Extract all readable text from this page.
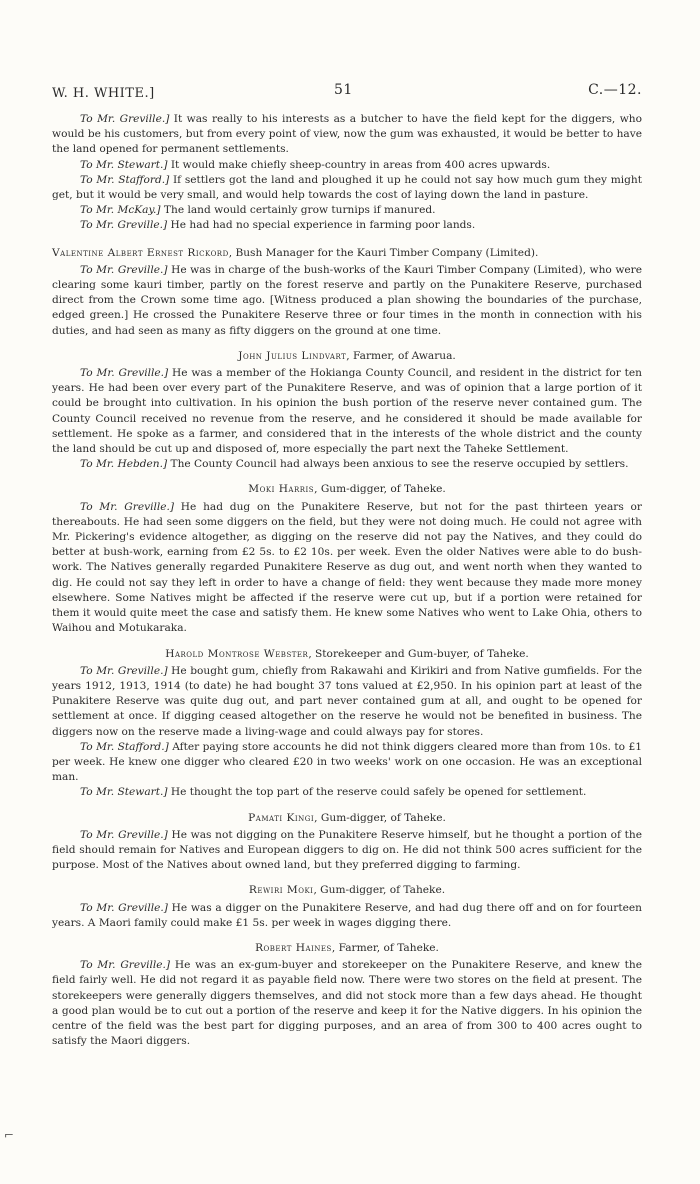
W. H. WHITE.]	51	C.—12.

To Mr. Greville.] It was really to his interests as a butcher to have the field kept for the diggers, who would be his customers, but from every point of view, now the gum was exhausted, it would be better to have the land opened for permanent settlements.

To Mr. Stewart.] It would make chiefly sheep-country in areas from 400 acres upwards.

To Mr. Stafford.] If settlers got the land and ploughed it up he could not say how much gum they might get, but it would be very small, and would help towards the cost of laying down the land in pasture.

To Mr. McKay.] The land would certainly grow turnips if manured.

To Mr. Greville.] He had had no special experience in farming poor lands.

Valentine Albert Ernest Rickord, Bush Manager for the Kauri Timber Company (Limited).

To Mr. Greville.] He was in charge of the bush-works of the Kauri Timber Company (Limited), who were clearing some kauri timber, partly on the forest reserve and partly on the Punakitere Reserve, purchased direct from the Crown some time ago. [Witness produced a plan showing the boundaries of the purchase, edged green.] He crossed the Punakitere Reserve three or four times in the month in connection with his duties, and had seen as many as fifty diggers on the ground at one time.

John Julius Lindvart, Farmer, of Awarua.

To Mr. Greville.] He was a member of the Hokianga County Council, and resident in the district for ten years. He had been over every part of the Punakitere Reserve, and was of opinion that a large portion of it could be brought into cultivation. In his opinion the bush portion of the reserve never contained gum. The County Council received no revenue from the reserve, and he considered it should be made available for settlement. He spoke as a farmer, and considered that in the interests of the whole district and the county the land should be cut up and disposed of, more especially the part next the Taheke Settlement.

To Mr. Hebden.] The County Council had always been anxious to see the reserve occupied by settlers.

Moki Harris, Gum-digger, of Taheke.

To Mr. Greville.] He had dug on the Punakitere Reserve, but not for the past thirteen years or thereabouts. He had seen some diggers on the field, but they were not doing much. He could not agree with Mr. Pickering's evidence altogether, as digging on the reserve did not pay the Natives, and they could do better at bush-work, earning from £2 5s. to £2 10s. per week. Even the older Natives were able to do bush-work. The Natives generally regarded Punakitere Reserve as dug out, and went north when they wanted to dig. He could not say they left in order to have a change of field: they went because they made more money elsewhere. Some Natives might be affected if the reserve were cut up, but if a portion were retained for them it would quite meet the case and satisfy them. He knew some Natives who went to Lake Ohia, others to Waihou and Motukaraka.

Harold Montrose Webster, Storekeeper and Gum-buyer, of Taheke.

To Mr. Greville.] He bought gum, chiefly from Rakawahi and Kirikiri and from Native gumfields. For the years 1912, 1913, 1914 (to date) he had bought 37 tons valued at £2,950. In his opinion part at least of the Punakitere Reserve was quite dug out, and part never contained gum at all, and ought to be opened for settlement at once. If digging ceased altogether on the reserve he would not be benefited in business. The diggers now on the reserve made a living-wage and could always pay for stores.

To Mr. Stafford.] After paying store accounts he did not think diggers cleared more than from 10s. to £1 per week. He knew one digger who cleared £20 in two weeks' work on one occasion. He was an exceptional man.

To Mr. Stewart.] He thought the top part of the reserve could safely be opened for settlement.

Pamati Kingi, Gum-digger, of Taheke.

To Mr. Greville.] He was not digging on the Punakitere Reserve himself, but he thought a portion of the field should remain for Natives and European diggers to dig on. He did not think 500 acres sufficient for the purpose. Most of the Natives about owned land, but they preferred digging to farming.

Rewiri Moki, Gum-digger, of Taheke.

To Mr. Greville.] He was a digger on the Punakitere Reserve, and had dug there off and on for fourteen years. A Maori family could make £1 5s. per week in wages digging there.

Robert Haines, Farmer, of Taheke.

To Mr. Greville.] He was an ex-gum-buyer and storekeeper on the Punakitere Reserve, and knew the field fairly well. He did not regard it as payable field now. There were two stores on the field at present. The storekeepers were generally diggers themselves, and did not stock more than a few days ahead. He thought a good plan would be to cut out a portion of the reserve and keep it for the Native diggers. In his opinion the centre of the field was the best part for digging purposes, and an area of from 300 to 400 acres ought to satisfy the Maori diggers.

⌐
